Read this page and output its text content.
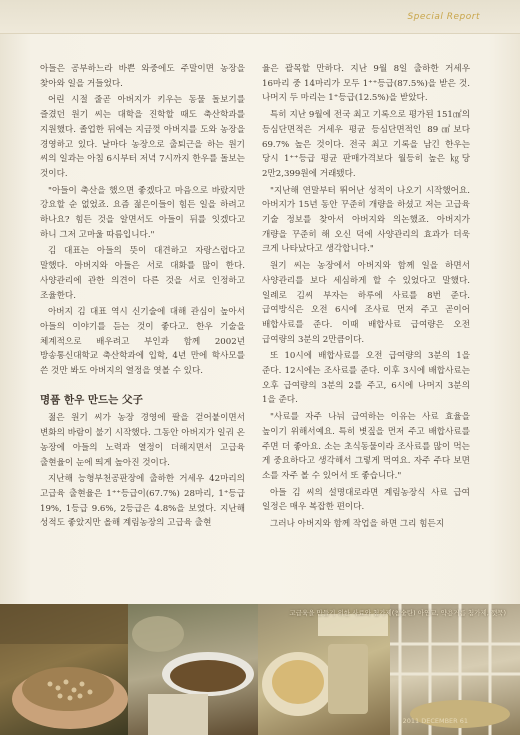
Special Report

아들은 공부하느라 바쁜 와중에도 주말이면 농장을 찾아와 일을 거들었다.

어린 시절 줄곧 아버지가 키우는 동물 돌보기를 즐겼던 원기 씨는 대학을 진학할 때도 축산학과를 지원했다. 졸업한 뒤에는 지금껏 아버지를 도와 농장을 경영하고 있다. 날마다 농장으로 출퇴근을 하는 원기 씨의 일과는 아침 6시부터 저녁 7시까지 한우를 돌보는 것이다.

"아들이 축산을 했으면 좋겠다고 마음으로 바랐지만 강요할 순 없었죠. 요즘 젊은이들이 힘든 일을 하려고 하나요? 힘든 것을 알면서도 아들이 뒤를 잇겠다고 하니 그저 고마울 따름입니다."

김 대표는 아들의 뜻이 대견하고 자랑스럽다고 말했다. 아버지와 아들은 서로 대화를 많이 한다. 사양관리에 관한 의견이 다른 것을 서로 인정하고 조율한다.

아버지 김 대표 역시 신기술에 대해 관심이 높아서 아들의 이야기를 듣는 것이 좋다고. 한우 기술을 체계적으로 배우려고 부인과 함께 2002년 방송통신대학교 축산학과에 입학, 4년 만에 학사모를 쓴 것만 봐도 아버지의 열정을 엿볼 수 있다.

명품 한우 만드는 父子

젊은 원기 씨가 농장 경영에 팔을 걷어붙이면서 변화의 바람이 불기 시작했다. 그동안 아버지가 일궈 온 농장에 아들의 노력과 열정이 더해지면서 고급육 출현율이 눈에 띄게 높아진 것이다.

지난해 능형부천공판장에 출하한 거세우 42마리의 고급육 출현율은 1⁺⁺등급이(67.7%) 28마리, 1⁺등급 19%, 1등급 9.6%, 2등급은 4.8%을 보였다. 지난해 성적도 좋았지만 올해 계림농장의 고급육 출현

율은 괄목할 만하다. 지난 9월 8일 출하한 거세우 16마리 중 14마리가 모두 1⁺⁺등급(87.5%)을 받은 것. 나머지 두 마리는 1⁺등급(12.5%)을 받았다.

특히 지난 9월에 전국 최고 기록으로 평가된 151㎠의 등심단면적은 거세우 평균 등심단면적인 89㎠보다 69.7% 높은 것이다. 전국 최고 기록을 남긴 한우는 당시 1⁺⁺등급 평균 판매가격보다 월등히 높은 ㎏당 2만2,399원에 거래됐다.

"지난해 연말부터 뛰어난 성적이 나오기 시작했어요. 아버지가 15년 동안 꾸준히 개량을 하셨고 저는 고급육 기술 정보를 찾아서 아버지와 의논했죠. 아버지가 개량을 꾸준히 해 오신 덕에 사양관리의 효과가 더욱 크게 나타났다고 생각합니다."

원기 씨는 농장에서 아버지와 함께 일을 하면서 사양관리를 보다 세심하게 할 수 있었다고 말했다. 일례로 김씨 부자는 하루에 사료를 8번 준다. 급여방식은 오전 6시에 조사료 먼저 주고 곧이어 배합사료를 준다. 이때 배합사료 급여량은 오전 급여량의 3분의 2만큼이다.

또 10시에 배합사료를 오전 급여량의 3분의 1을 준다. 12시에는 조사료를 준다. 이후 3시에 배합사료는 오후 급여량의 3분의 2를 주고, 6시에 나머지 3분의 1을 준다.

"사료를 자주 나눠 급여하는 이유는 사료 효율을 높이기 위해서예요. 특히 볏짚을 먼저 주고 배합사료를 주면 더 좋아요. 소는 초식동물이라 조사료를 많이 먹는 게 중요하다고 생각해서 그렇게 먹여요. 자주 주다 보면 소를 자주 볼 수 있어서 또 좋습니다."

아들 김 씨의 설명대로라면 계림농장식 사료 급여 일정은 매우 복잡한 편이다.

그러나 아버지와 함께 작업을 하면 그리 힘든지

고급육을 만들기 위한 사료와 첨가제(참숯탄) 아연교, 약용거름 첨가제, 깻묵)
2011 DECEMBER 61
